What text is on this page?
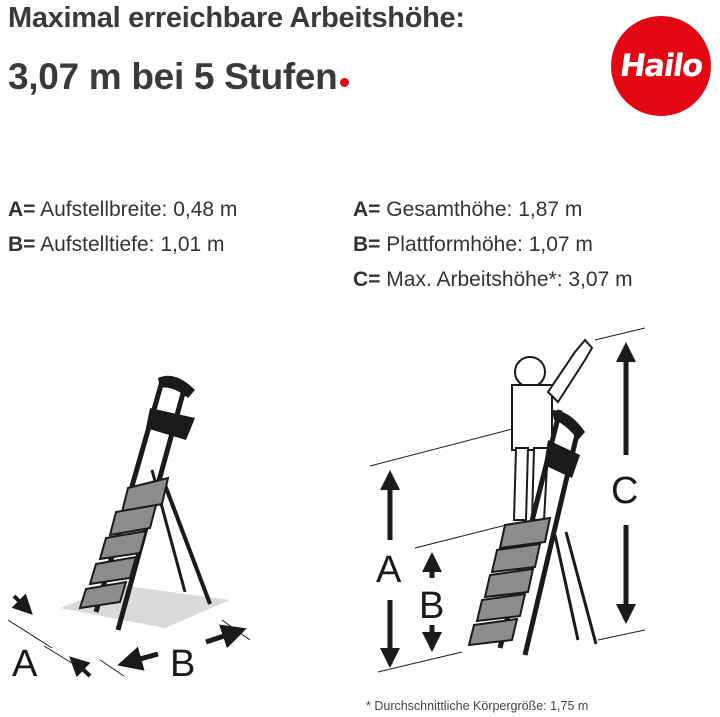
Maximal erreichbare Arbeitshöhe:
3,07 m bei 5 Stufen	Hailo
A= Aufstellbreite: 0,48 m
B= Aufstelltiefe: 1,01 m
A= Gesamthöhe: 1,87 m
B= Plattformhöhe: 1,07 m
C= Max. Arbeitshöhe*: 3,07 m
A	B
A
B
C
* Durchschnittliche Körpergröße: 1,75 m
